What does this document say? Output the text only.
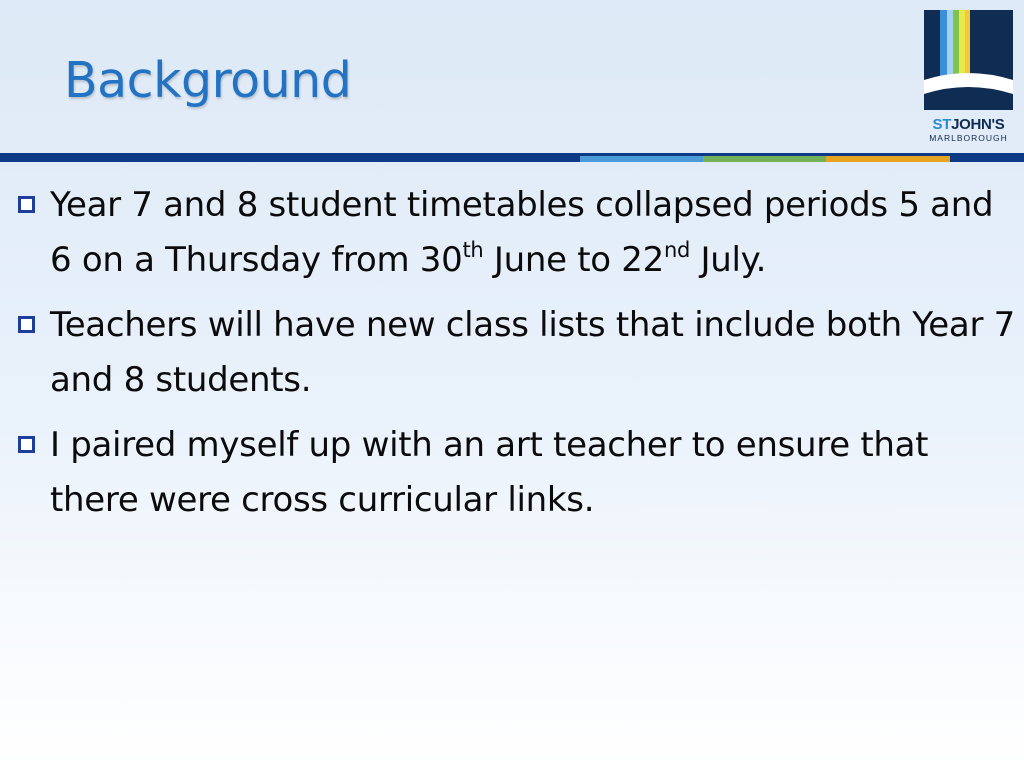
Background
STJOHN'S
MARLBOROUGH
Year 7 and 8 student timetables collapsed periods 5 and 6 on a Thursday from 30th June to 22nd July.
Teachers will have new class lists that include both Year 7 and 8 students.
I paired myself up with an art teacher to ensure that there were cross curricular links.
